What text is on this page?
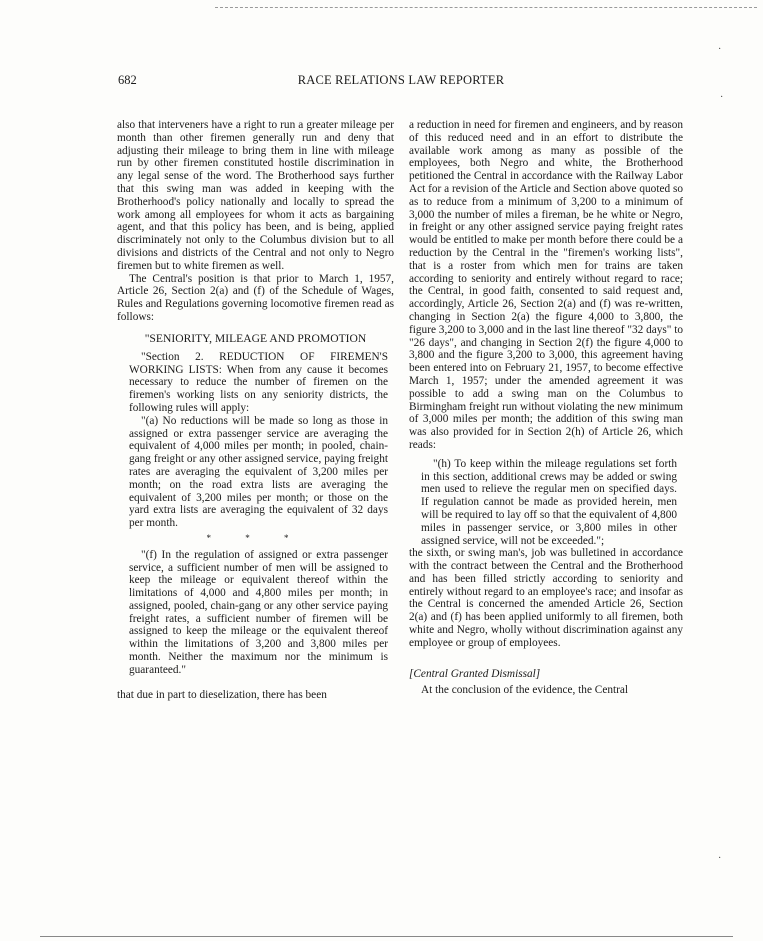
·
·
·
682	RACE RELATIONS LAW REPORTER

also that interveners have a right to run a greater mileage per month than other firemen generally run and deny that adjusting their mileage to bring them in line with mileage run by other firemen constituted hostile discrimination in any legal sense of the word. The Brotherhood says further that this swing man was added in keeping with the Brotherhood's policy nationally and locally to spread the work among all employees for whom it acts as bargaining agent, and that this policy has been, and is being, applied discriminately not only to the Columbus division but to all divisions and districts of the Central and not only to Negro firemen but to white firemen as well.

The Central's position is that prior to March 1, 1957, Article 26, Section 2(a) and (f) of the Schedule of Wages, Rules and Regulations governing locomotive firemen read as follows:

"SENIORITY, MILEAGE AND PROMOTION

"Section 2. REDUCTION OF FIREMEN'S WORKING LISTS: When from any cause it becomes necessary to reduce the number of firemen on the firemen's working lists on any seniority districts, the following rules will apply:

"(a) No reductions will be made so long as those in assigned or extra passenger service are averaging the equivalent of 4,000 miles per month; in pooled, chain-gang freight or any other assigned service, paying freight rates are averaging the equivalent of 3,200 miles per month; on the road extra lists are averaging the equivalent of 3,200 miles per month; or those on the yard extra lists are averaging the equivalent of 32 days per month.

* * *

"(f) In the regulation of assigned or extra passenger service, a sufficient number of men will be assigned to keep the mileage or equivalent thereof within the limitations of 4,000 and 4,800 miles per month; in assigned, pooled, chain-gang or any other service paying freight rates, a sufficient number of firemen will be assigned to keep the mileage or the equivalent thereof within the limitations of 3,200 and 3,800 miles per month. Neither the maximum nor the minimum is guaranteed."

that due in part to dieselization, there has been

a reduction in need for firemen and engineers, and by reason of this reduced need and in an effort to distribute the available work among as many as possible of the employees, both Negro and white, the Brotherhood petitioned the Central in accordance with the Railway Labor Act for a revision of the Article and Section above quoted so as to reduce from a minimum of 3,200 to a minimum of 3,000 the number of miles a fireman, be he white or Negro, in freight or any other assigned service paying freight rates would be entitled to make per month before there could be a reduction by the Central in the "firemen's working lists", that is a roster from which men for trains are taken according to seniority and entirely without regard to race; the Central, in good faith, consented to said request and, accordingly, Article 26, Section 2(a) and (f) was re-written, changing in Section 2(a) the figure 4,000 to 3,800, the figure 3,200 to 3,000 and in the last line thereof "32 days" to "26 days", and changing in Section 2(f) the figure 4,000 to 3,800 and the figure 3,200 to 3,000, this agreement having been entered into on February 21, 1957, to become effective March 1, 1957; under the amended agreement it was possible to add a swing man on the Columbus to Birmingham freight run without violating the new minimum of 3,000 miles per month; the addition of this swing man was also provided for in Section 2(h) of Article 26, which reads:

"(h) To keep within the mileage regulations set forth in this section, additional crews may be added or swing men used to relieve the regular men on specified days. If regulation cannot be made as provided herein, men will be required to lay off so that the equivalent of 4,800 miles in passenger service, or 3,800 miles in other assigned service, will not be exceeded.";

the sixth, or swing man's, job was bulletined in accordance with the contract between the Central and the Brotherhood and has been filled strictly according to seniority and entirely without regard to an employee's race; and insofar as the Central is concerned the amended Article 26, Section 2(a) and (f) has been applied uniformly to all firemen, both white and Negro, wholly without discrimination against any employee or group of employees.

[Central Granted Dismissal]

At the conclusion of the evidence, the Central
